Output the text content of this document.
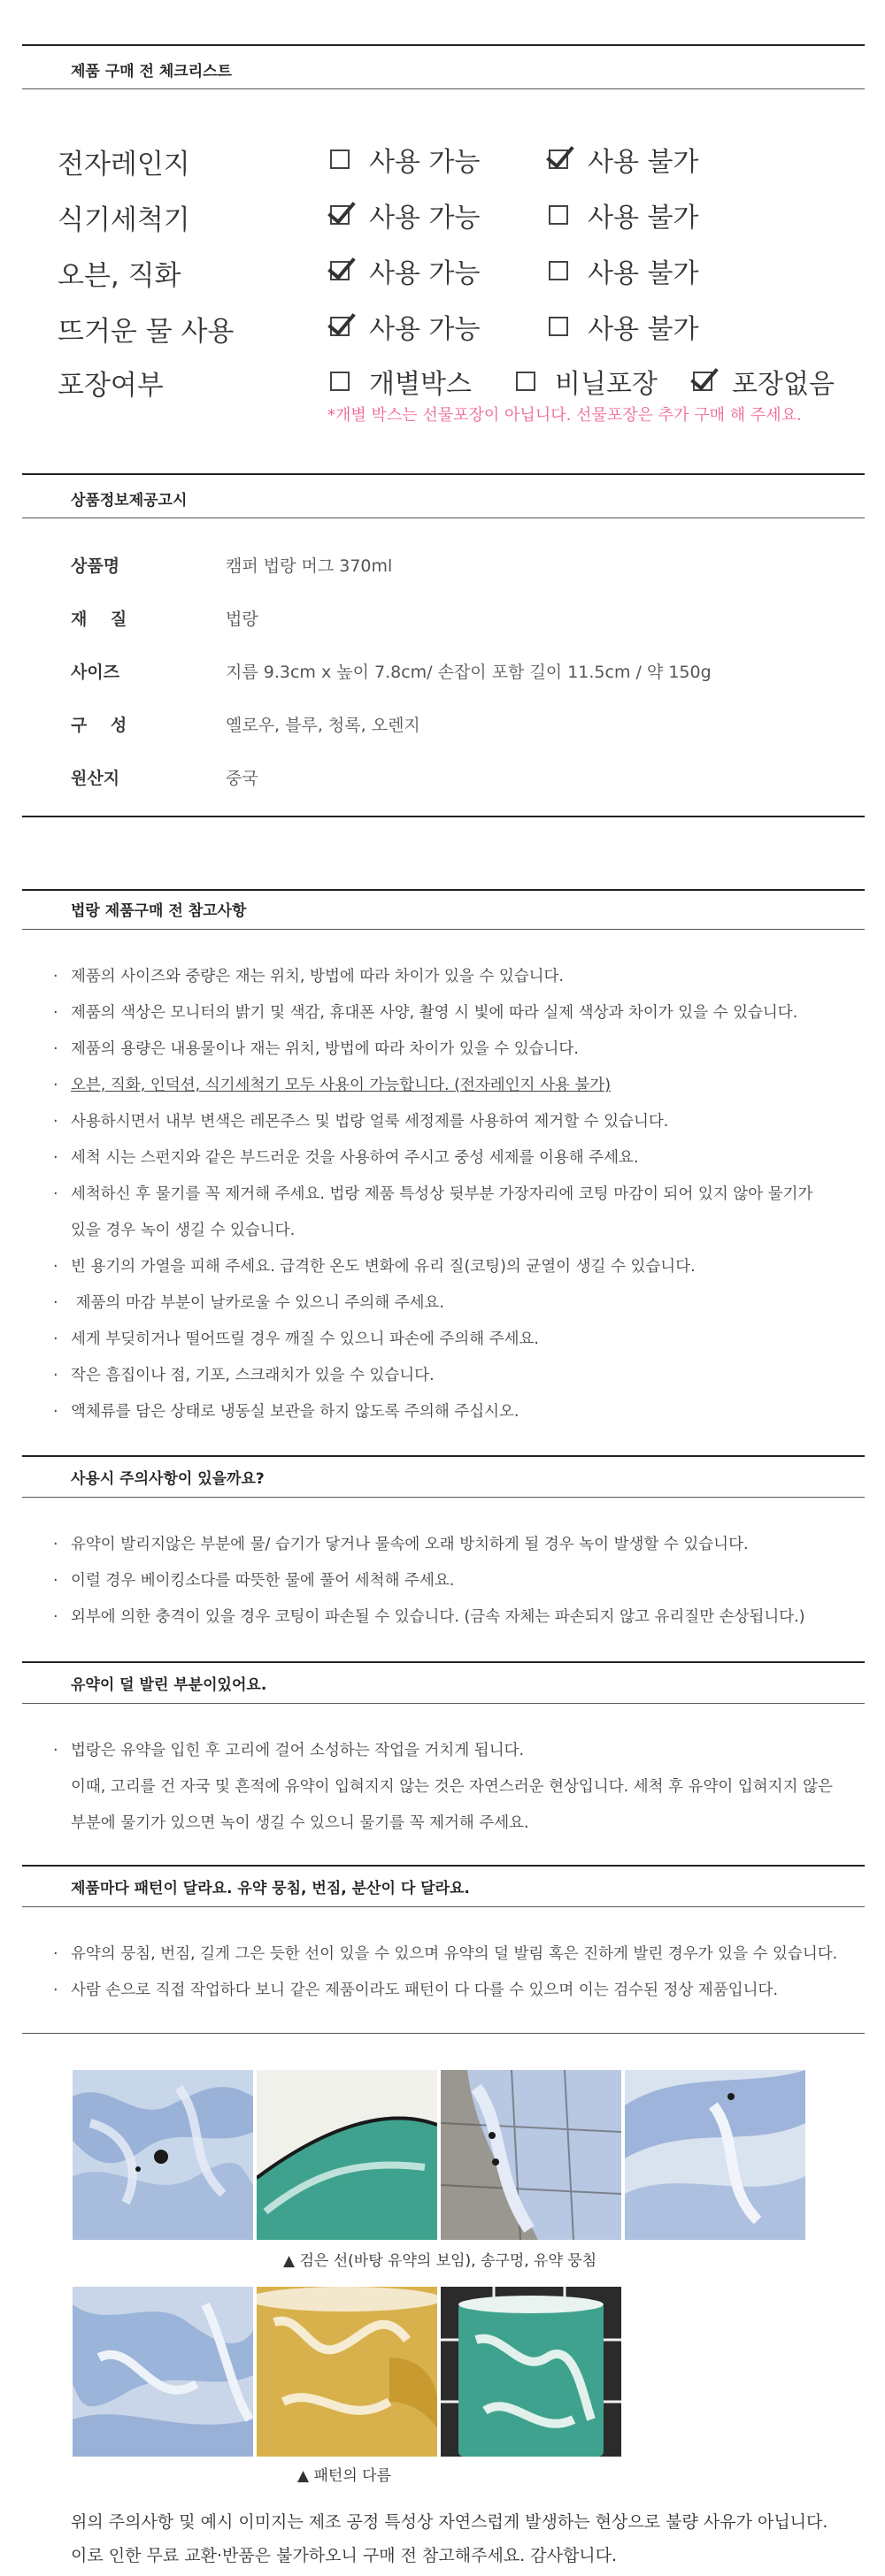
제품 구매 전 체크리스트
전자레인지	사용 가능	사용 불가
식기세척기	사용 가능	사용 불가
오븐, 직화	사용 가능	사용 불가
뜨거운 물 사용	사용 가능	사용 불가
포장여부	개별박스	비닐포장	포장없음
*개별 박스는 선물포장이 아닙니다. 선물포장은 추가 구매 해 주세요.
상품정보제공고시
상품명	캠퍼 법랑 머그 370ml
재    질	법랑
사이즈	지름 9.3cm x 높이 7.8cm/ 손잡이 포함 길이 11.5cm / 약 150g
구    성	옐로우, 블루, 청록, 오렌지
원산지	중국
법랑 제품구매 전 참고사항
· 제품의 사이즈와 중량은 재는 위치, 방법에 따라 차이가 있을 수 있습니다.
· 제품의 색상은 모니터의 밝기 및 색감, 휴대폰 사양, 촬영 시 빛에 따라 실제 색상과 차이가 있을 수 있습니다.
· 제품의 용량은 내용물이나 재는 위치, 방법에 따라 차이가 있을 수 있습니다.
· 오븐, 직화, 인덕션, 식기세척기 모두 사용이 가능합니다. (전자레인지 사용 불가)
· 사용하시면서 내부 변색은 레몬주스 및 법랑 얼룩 세정제를 사용하여 제거할 수 있습니다.
· 세척 시는 스펀지와 같은 부드러운 것을 사용하여 주시고 중성 세제를 이용해 주세요.
· 세척하신 후 물기를 꼭 제거해 주세요. 법랑 제품 특성상 뒷부분 가장자리에 코팅 마감이 되어 있지 않아 물기가
있을 경우 녹이 생길 수 있습니다.
· 빈 용기의 가열을 피해 주세요. 급격한 온도 변화에 유리 질(코팅)의 균열이 생길 수 있습니다.
· 제품의 마감 부분이 날카로울 수 있으니 주의해 주세요.
· 세게 부딪히거나 떨어뜨릴 경우 깨질 수 있으니 파손에 주의해 주세요.
· 작은 흠집이나 점, 기포, 스크래치가 있을 수 있습니다.
· 액체류를 담은 상태로 냉동실 보관을 하지 않도록 주의해 주십시오.
사용시 주의사항이 있을까요?
· 유약이 발리지않은 부분에 물/ 습기가 닿거나 물속에 오래 방치하게 될 경우 녹이 발생할 수 있습니다.
· 이럴 경우 베이킹소다를 따뜻한 물에 풀어 세척해 주세요.
· 외부에 의한 충격이 있을 경우 코팅이 파손될 수 있습니다. (금속 자체는 파손되지 않고 유리질만 손상됩니다.)
유약이 덜 발린 부분이있어요.
· 법랑은 유약을 입힌 후 고리에 걸어 소성하는 작업을 거치게 됩니다.
이때, 고리를 건 자국 및 흔적에 유약이 입혀지지 않는 것은 자연스러운 현상입니다. 세척 후 유약이 입혀지지 않은
부분에 물기가 있으면 녹이 생길 수 있으니 물기를 꼭 제거해 주세요.
제품마다 패턴이 달라요. 유약 뭉침, 번짐, 분산이 다 달라요.
· 유약의 뭉침, 번짐, 길게 그은 듯한 선이 있을 수 있으며 유약의 덜 발림 혹은 진하게 발린 경우가 있을 수 있습니다.
· 사람 손으로 직접 작업하다 보니 같은 제품이라도 패턴이 다 다를 수 있으며 이는 검수된 정상 제품입니다.
▲ 검은 선(바탕 유약의 보임), 송구멍, 유약 뭉침
▲ 패턴의 다름
위의 주의사항 및 예시 이미지는 제조 공정 특성상 자연스럽게 발생하는 현상으로 불량 사유가 아닙니다.
이로 인한 무료 교환·반품은 불가하오니 구매 전 참고해주세요. 감사합니다.
